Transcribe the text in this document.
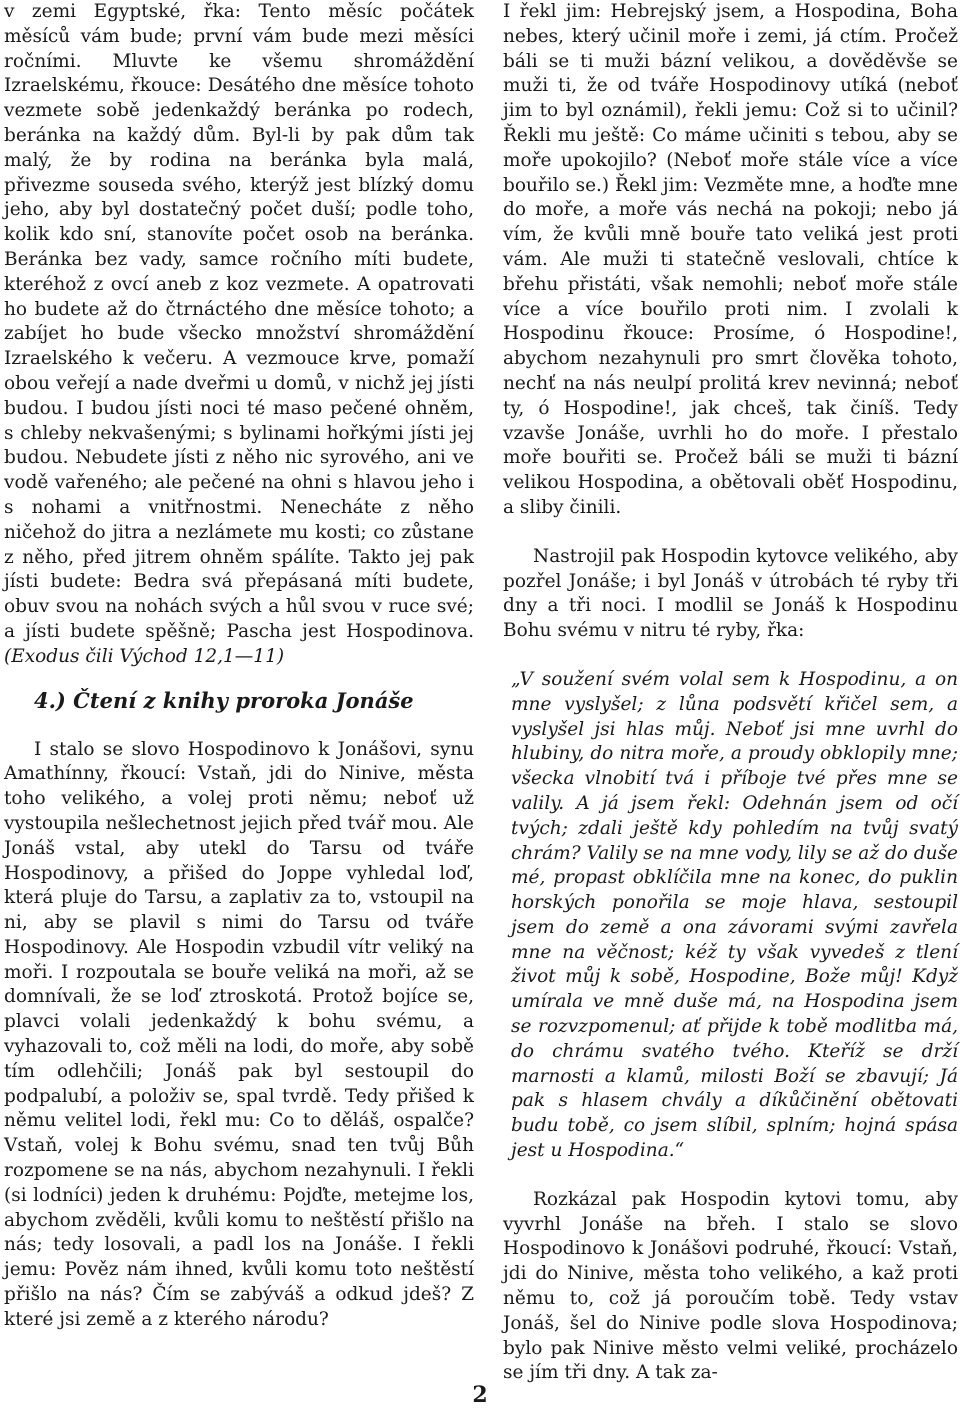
v zemi Egyptské, řka: Tento měsíc počátek měsíců vám bude; první vám bude mezi měsíci ročními. Mluvte ke všemu shromáždění Izraelskému, řkouce: Desátého dne měsíce tohoto vezmete sobě jedenkaždý beránka po rodech, beránka na každý dům. Byl-li by pak dům tak malý, že by rodina na beránka byla malá, přivezme souseda svého, kterýž jest blízký domu jeho, aby byl dostatečný počet duší; podle toho, kolik kdo sní, stanovíte počet osob na beránka. Beránka bez vady, samce ročního míti budete, kteréhož z ovcí aneb z koz vezmete. A opatrovati ho budete až do čtrnáctého dne měsíce tohoto; a zabíjet ho bude všecko množství shromáždění Izraelského k večeru. A vezmouce krve, pomaží obou veřejí a nade dveřmi u domů, v nichž jej jísti budou. I budou jísti noci té maso pečené ohněm, s chleby nekvašenými; s bylinami hořkými jísti jej budou. Nebudete jísti z něho nic syrového, ani ve vodě vařeného; ale pečené na ohni s hlavou jeho i s nohami a vnitřnostmi. Nenecháte z něho ničehož do jitra a nezlámete mu kosti; co zůstane z něho, před jitrem ohněm spálíte. Takto jej pak jísti budete: Bedra svá přepásaná míti budete, obuv svou na nohách svých a hůl svou v ruce své; a jísti budete spěšně; Pascha jest Hospodinova. (Exodus čili Východ 12,1—11)

4.) Čtení z knihy proroka Jonáše

I stalo se slovo Hospodinovo k Jonášovi, synu Amathínny, řkoucí: Vstaň, jdi do Ninive, města toho velikého, a volej proti němu; neboť už vystoupila nešlechetnost jejich před tvář mou. Ale Jonáš vstal, aby utekl do Tarsu od tváře Hospodinovy, a přišed do Joppe vyhledal loď, která pluje do Tarsu, a zaplativ za to, vstoupil na ni, aby se plavil s nimi do Tarsu od tváře Hospodinovy. Ale Hospodin vzbudil vítr veliký na moři. I rozpoutala se bouře veliká na moři, až se domnívali, že se loď ztroskotá. Protož bojíce se, plavci volali jedenkaždý k bohu svému, a vyhazovali to, což měli na lodi, do moře, aby sobě tím odlehčili; Jonáš pak byl sestoupil do podpalubí, a položiv se, spal tvrdě. Tedy přišed k němu velitel lodi, řekl mu: Co to děláš, ospalče? Vstaň, volej k Bohu svému, snad ten tvůj Bůh rozpomene se na nás, abychom nezahynuli. I řekli (si lodníci) jeden k druhému: Pojďte, metejme los, abychom zvěděli, kvůli komu to neštěstí přišlo na nás; tedy losovali, a padl los na Jonáše. I řekli jemu: Pověz nám ihned, kvůli komu toto neštěstí přišlo na nás? Čím se zabýváš a odkud jdeš? Z které jsi země a z kterého národu?

I řekl jim: Hebrejský jsem, a Hospodina, Boha nebes, který učinil moře i zemi, já ctím. Pročež báli se ti muži bázní velikou, a dověděvše se muži ti, že od tváře Hospodinovy utíká (neboť jim to byl oznámil), řekli jemu: Což si to učinil? Řekli mu ještě: Co máme učiniti s tebou, aby se moře upokojilo? (Neboť moře stále více a více bouřilo se.) Řekl jim: Vezměte mne, a hoďte mne do moře, a moře vás nechá na pokoji; nebo já vím, že kvůli mně bouře tato veliká jest proti vám. Ale muži ti statečně veslovali, chtíce k břehu přistáti, však nemohli; neboť moře stále více a více bouřilo proti nim. I zvolali k Hospodinu řkouce: Prosíme, ó Hospodine!, abychom nezahynuli pro smrt člověka tohoto, nechť na nás neulpí prolitá krev nevinná; neboť ty, ó Hospodine!, jak chceš, tak činíš. Tedy vzavše Jonáše, uvrhli ho do moře. I přestalo moře bouřiti se. Pročež báli se muži ti bázní velikou Hospodina, a obětovali oběť Hospodinu, a sliby činili.

Nastrojil pak Hospodin kytovce velikého, aby pozřel Jonáše; i byl Jonáš v útrobách té ryby tři dny a tři noci. I modlil se Jonáš k Hospodinu Bohu svému v nitru té ryby, řka:

„V soužení svém volal sem k Hospodinu, a on mne vyslyšel; z lůna podsvětí křičel sem, a vyslyšel jsi hlas můj. Neboť jsi mne uvrhl do hlubiny, do nitra moře, a proudy obklopily mne; všecka vlnobití tvá i příboje tvé přes mne se valily. A já jsem řekl: Odehnán jsem od očí tvých; zdali ještě kdy pohledím na tvůj svatý chrám? Valily se na mne vody, lily se až do duše mé, propast obklíčila mne na konec, do puklin horských ponořila se moje hlava, sestoupil jsem do země a ona závorami svými zavřela mne na věčnost; kéž ty však vyvedeš z tlení život můj k sobě, Hospodine, Bože můj! Když umírala ve mně duše má, na Hospodina jsem se rozvzpomenul; ať přijde k tobě modlitba má, do chrámu svatého tvého. Kteříž se drží marnosti a klamů, milosti Boží se zbavují; Já pak s hlasem chvály a díkůčinění obětovati budu tobě, co jsem slíbil, splním; hojná spása jest u Hospodina.“

Rozkázal pak Hospodin kytovi tomu, aby vyvrhl Jonáše na břeh. I stalo se slovo Hospodinovo k Jonášovi podruhé, řkoucí: Vstaň, jdi do Ninive, města toho velikého, a kaž proti němu to, což já poroučím tobě. Tedy vstav Jonáš, šel do Ninive podle slova Hospodinova; bylo pak Ninive město velmi veliké, procházelo se jím tři dny. A tak za-

2
